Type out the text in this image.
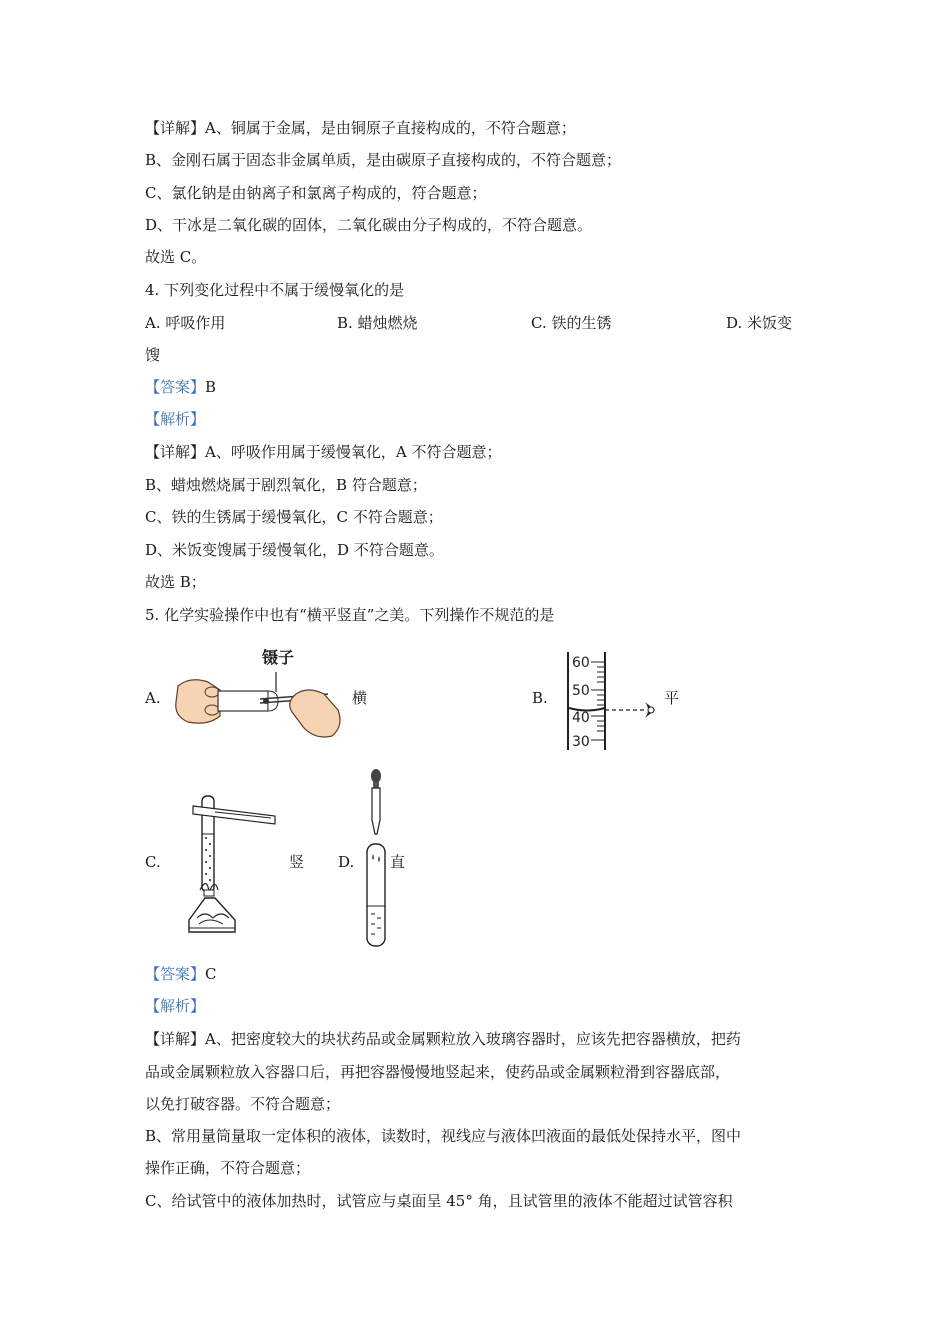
【详解】A、铜属于金属，是由铜原子直接构成的，不符合题意；
B、金刚石属于固态非金属单质，是由碳原子直接构成的，不符合题意；
C、氯化钠是由钠离子和氯离子构成的，符合题意；
D、干冰是二氧化碳的固体，二氧化碳由分子构成的，不符合题意。
故选 C。
4. 下列变化过程中不属于缓慢氧化的是
A. 呼吸作用	B. 蜡烛燃烧	C. 铁的生锈	D. 米饭变
馊
【答案】B
【解析】
【详解】A、呼吸作用属于缓慢氧化，A 不符合题意；
B、蜡烛燃烧属于剧烈氧化，B 符合题意；
C、铁的生锈属于缓慢氧化，C 不符合题意；
D、米饭变馊属于缓慢氧化，D 不符合题意。
故选 B；
5. 化学实验操作中也有“横平竖直”之美。下列操作不规范的是
A.
镊子
横	B.
60
50
40
30
平
C.	竖 D. 直
【答案】C
【解析】
【详解】A、把密度较大的块状药品或金属颗粒放入玻璃容器时，应该先把容器横放，把药
品或金属颗粒放入容器口后，再把容器慢慢地竖起来，使药品或金属颗粒滑到容器底部，
以免打破容器。不符合题意；
B、常用量筒量取一定体积的液体，读数时，视线应与液体凹液面的最低处保持水平，图中
操作正确，不符合题意；
C、给试管中的液体加热时，试管应与桌面呈 45° 角，且试管里的液体不能超过试管容积
